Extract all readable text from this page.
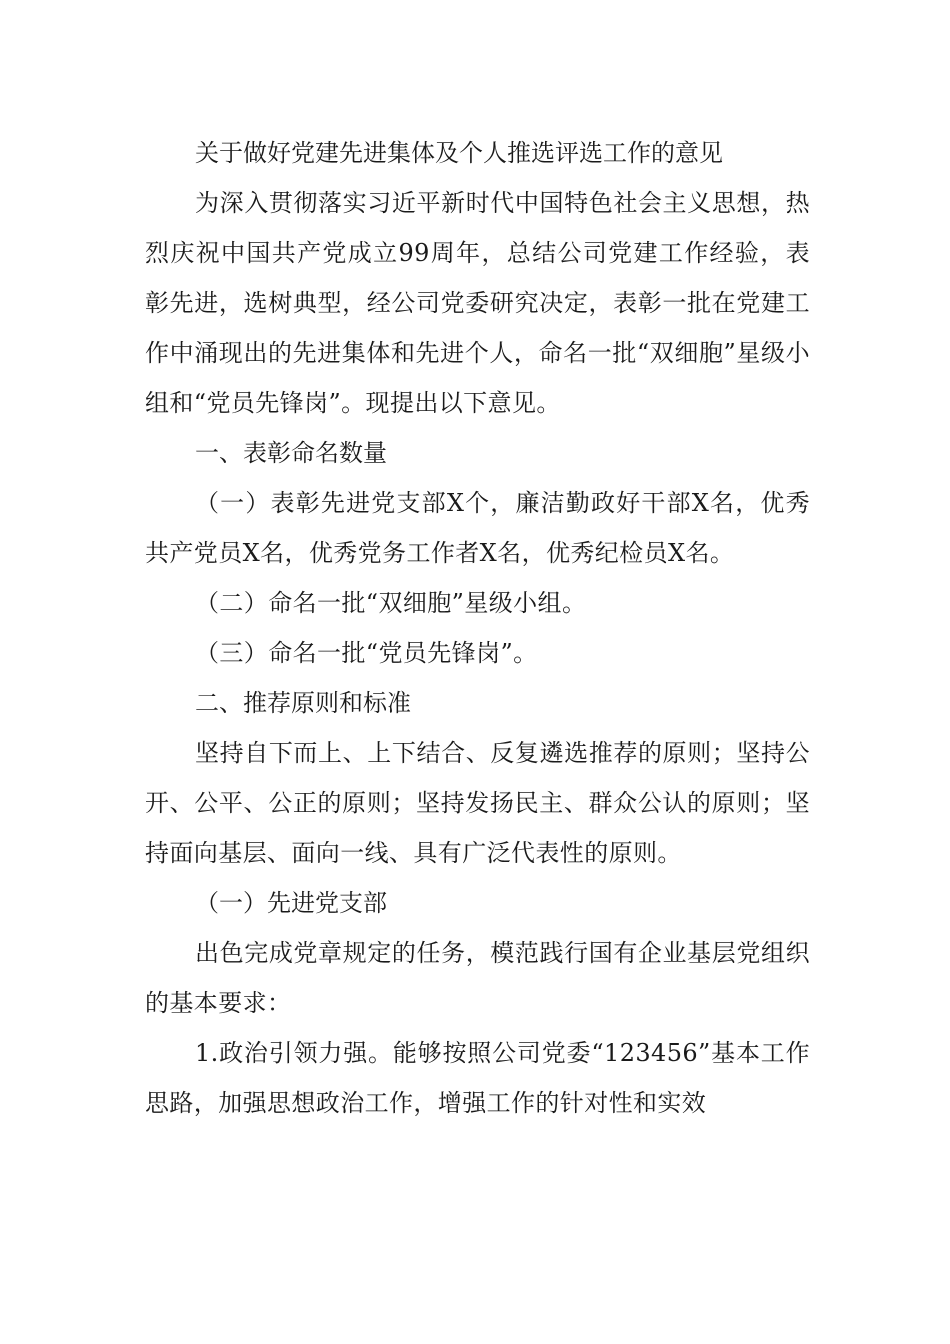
关于做好党建先进集体及个人推选评选工作的意见

为深入贯彻落实习近平新时代中国特色社会主义思想，热烈庆祝中国共产党成立99周年，总结公司党建工作经验，表彰先进，选树典型，经公司党委研究决定，表彰一批在党建工作中涌现出的先进集体和先进个人，命名一批“双细胞”星级小组和“党员先锋岗”。现提出以下意见。

一、表彰命名数量

（一）表彰先进党支部X个，廉洁勤政好干部X名，优秀共产党员X名，优秀党务工作者X名，优秀纪检员X名。

（二）命名一批“双细胞”星级小组。

（三）命名一批“党员先锋岗”。

二、推荐原则和标准

坚持自下而上、上下结合、反复遴选推荐的原则；坚持公开、公平、公正的原则；坚持发扬民主、群众公认的原则；坚持面向基层、面向一线、具有广泛代表性的原则。

（一）先进党支部

出色完成党章规定的任务，模范践行国有企业基层党组织的基本要求：

1.政治引领力强。能够按照公司党委“123456”基本工作思路，加强思想政治工作，增强工作的针对性和实效
